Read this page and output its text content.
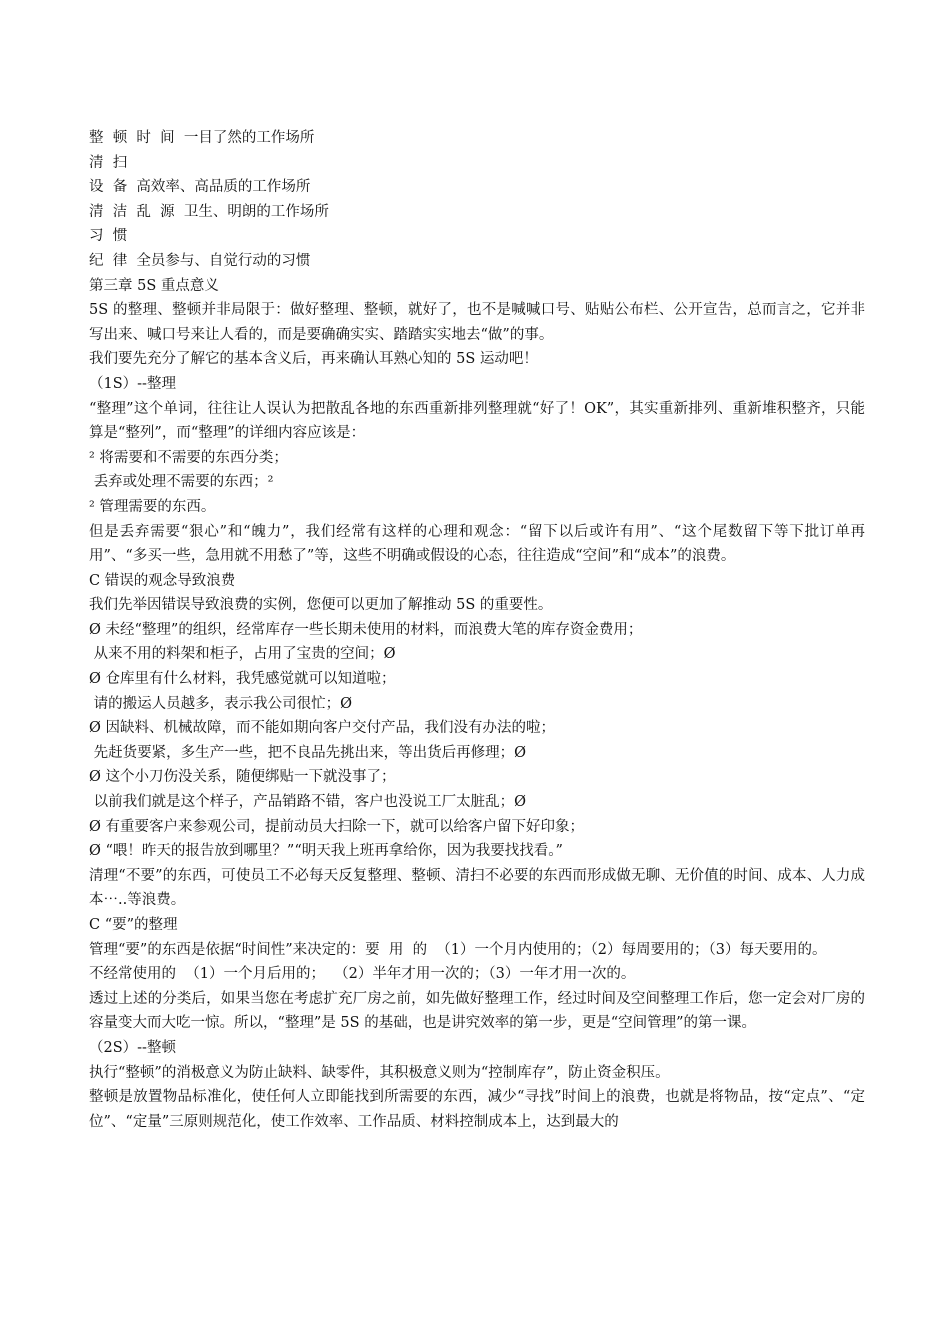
整  顿  时  间  一目了然的工作场所

清  扫

设  备  高效率、高品质的工作场所

清  洁  乱  源  卫生、明朗的工作场所

习  惯

纪  律  全员参与、自觉行动的习惯

第三章 5S 重点意义

5S 的整理、整顿并非局限于：做好整理、整顿，就好了，也不是喊喊口号、贴贴公布栏、公开宣告，总而言之，它并非写出来、喊口号来让人看的，而是要确确实实、踏踏实实地去“做”的事。

我们要先充分了解它的基本含义后，再来确认耳熟心知的 5S 运动吧！

（1S）--整理

“整理”这个单词，往往让人误认为把散乱各地的东西重新排列整理就“好了！OK”，其实重新排列、重新堆积整齐，只能算是“整列”，而“整理”的详细内容应该是：

² 将需要和不需要的东西分类；

丢弃或处理不需要的东西；²

² 管理需要的东西。

但是丢弃需要“狠心”和“魄力”，我们经常有这样的心理和观念：“留下以后或许有用”、“这个尾数留下等下批订单再用”、“多买一些，急用就不用愁了”等，这些不明确或假设的心态，往往造成“空间”和“成本”的浪费。

C 错误的观念导致浪费

我们先举因错误导致浪费的实例，您便可以更加了解推动 5S 的重要性。

Ø 未经“整理”的组织，经常库存一些长期未使用的材料，而浪费大笔的库存资金费用；

从来不用的料架和柜子，占用了宝贵的空间；Ø

Ø 仓库里有什么材料，我凭感觉就可以知道啦；

请的搬运人员越多，表示我公司很忙；Ø

Ø 因缺料、机械故障，而不能如期向客户交付产品，我们没有办法的啦；

先赶货要紧，多生产一些，把不良品先挑出来，等出货后再修理；Ø

Ø 这个小刀伤没关系，随便绑贴一下就没事了；

以前我们就是这个样子，产品销路不错，客户也没说工厂太脏乱；Ø

Ø 有重要客户来参观公司，提前动员大扫除一下，就可以给客户留下好印象；

Ø “喂！昨天的报告放到哪里？”“明天我上班再拿给你，因为我要找找看。”

清理“不要”的东西，可使员工不必每天反复整理、整顿、清扫不必要的东西而形成做无聊、无价值的时间、成本、人力成本⋯..等浪费。

C “要”的整理

管理“要”的东西是依据“时间性”来决定的：要  用  的  （1）一个月内使用的；（2）每周要用的；（3）每天要用的。

不经常使用的  （1）一个月后用的；  （2）半年才用一次的；（3）一年才用一次的。

透过上述的分类后，如果当您在考虑扩充厂房之前，如先做好整理工作，经过时间及空间整理工作后，您一定会对厂房的容量变大而大吃一惊。所以，“整理”是 5S 的基础，也是讲究效率的第一步，更是“空间管理”的第一课。

（2S）--整顿

执行“整顿”的消极意义为防止缺料、缺零件，其积极意义则为“控制库存”，防止资金积压。

整顿是放置物品标准化，使任何人立即能找到所需要的东西，减少“寻找”时间上的浪费，也就是将物品，按“定点”、“定位”、“定量”三原则规范化，使工作效率、工作品质、材料控制成本上，达到最大的
